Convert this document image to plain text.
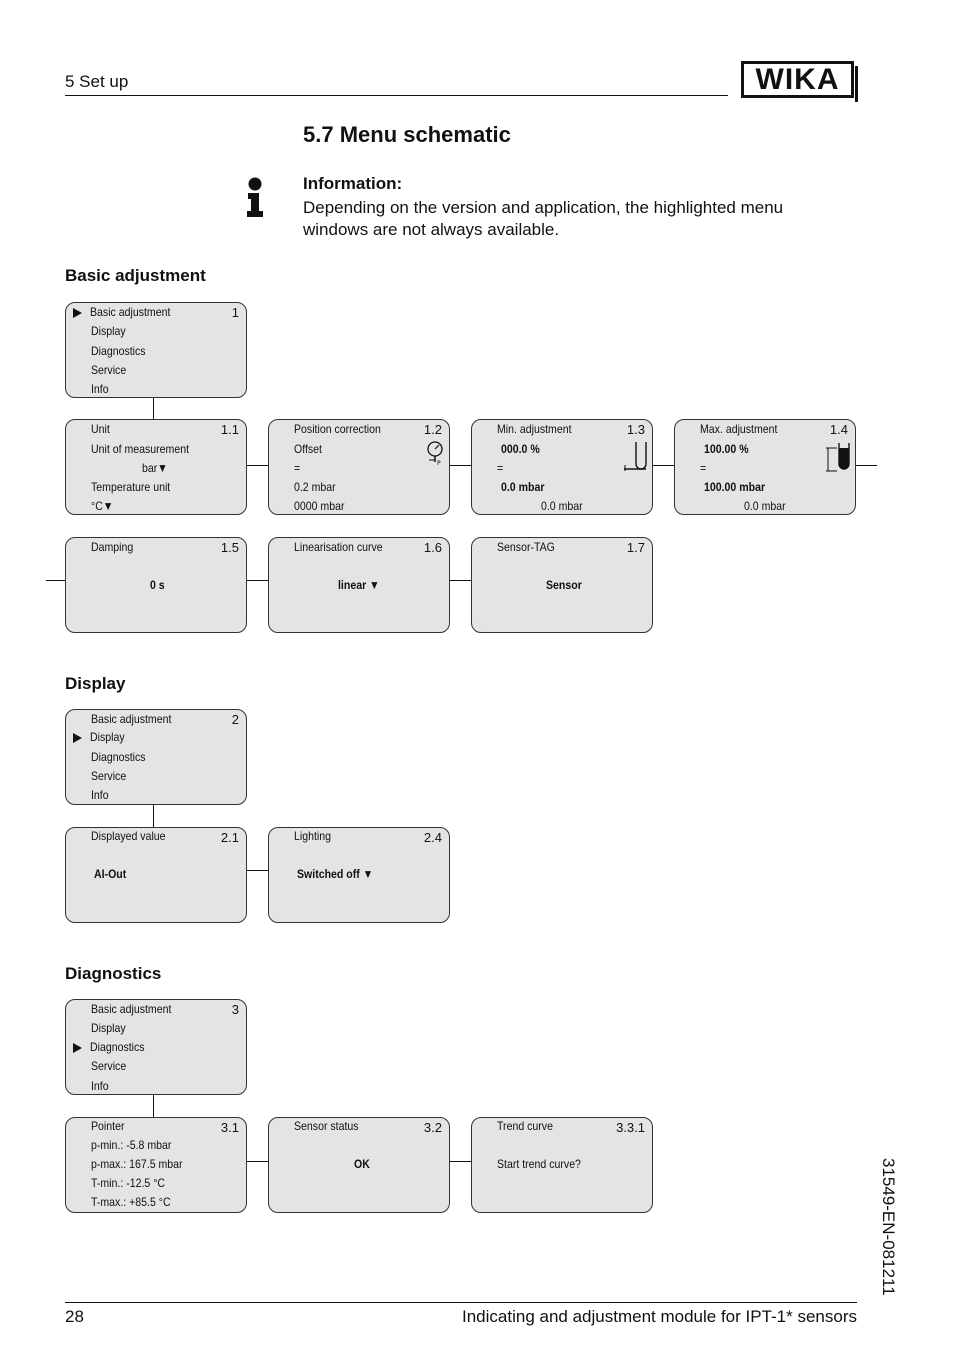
5 Set up	WIKA
5.7 Menu schematic
Information:
Depending on the version and application, the highlighted menu windows are not always available.
Basic adjustment
Basic adjustment
Display
Diagnostics
Service
Info
1
Unit
Unit of measurement
bar▼
Temperature unit
°C▼
1.1	Position correction
Offset
=
0.2 mbar
0000 mbar
1.2
P
Min. adjustment
000.0 %
=
0.0 mbar
0.0 mbar
1.3	Max. adjustment
100.00 %
=
100.00 mbar
0.0 mbar
1.4
Damping
0 s
1.5	Linearisation curve
linear ▼
1.6	Sensor-TAG
Sensor
1.7
Display
Basic adjustment
Display
Diagnostics
Service
Info
2
Displayed value
AI-Out
2.1	Lighting
Switched off ▼
2.4
Diagnostics
Basic adjustment
Display
Diagnostics
Service
Info
3
Pointer
p-min.: -5.8 mbar
p-max.: 167.5 mbar
T-min.: -12.5 °C
T-max.: +85.5 °C
3.1	Sensor status
OK
3.2	Trend curve
Start trend curve?
3.3.1
31549-EN-081211
28	Indicating and adjustment module for IPT-1* sensors
